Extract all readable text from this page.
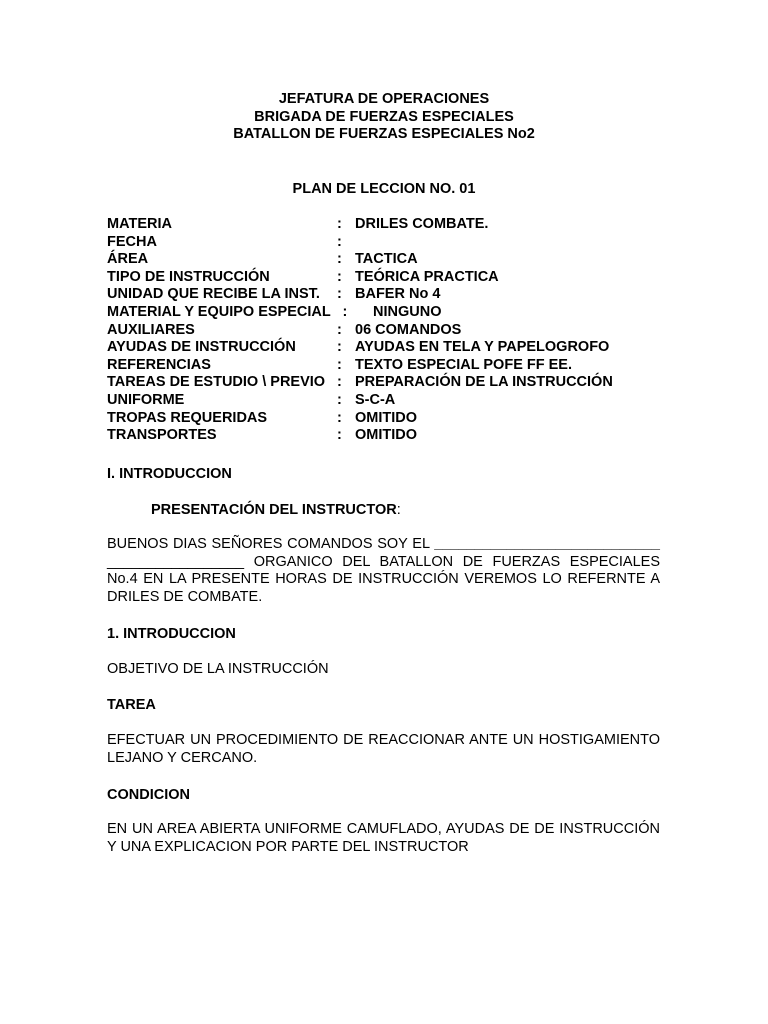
JEFATURA DE OPERACIONES
BRIGADA DE FUERZAS ESPECIALES
BATALLON DE FUERZAS ESPECIALES No2
PLAN DE LECCION NO. 01
MATERIA	: DRILES COMBATE.
FECHA	:
ÁREA	: TACTICA
TIPO DE INSTRUCCIÓN	: TEÓRICA PRACTICA
UNIDAD QUE RECIBE LA INST. : BAFER No 4
MATERIAL Y EQUIPO ESPECIAL   : NINGUNO
AUXILIARES	: 06 COMANDOS
AYUDAS DE INSTRUCCIÓN	: AYUDAS EN TELA Y PAPELOGROFO
REFERENCIAS	: TEXTO ESPECIAL POFE FF EE.
TAREAS DE ESTUDIO \ PREVIO : PREPARACIÓN DE LA INSTRUCCIÓN
UNIFORME	: S-C-A
TROPAS REQUERIDAS	: OMITIDO
TRANSPORTES	: OMITIDO
I. INTRODUCCION
PRESENTACIÓN DEL INSTRUCTOR:
BUENOS DIAS SEÑORES COMANDOS SOY EL ____________________________ _________________ ORGANICO DEL BATALLON DE FUERZAS ESPECIALES No.4 EN LA PRESENTE HORAS DE INSTRUCCIÓN VEREMOS LO REFERNTE A DRILES DE COMBATE.
1. INTRODUCCION
OBJETIVO DE LA INSTRUCCIÓN
TAREA
EFECTUAR UN PROCEDIMIENTO DE REACCIONAR ANTE UN HOSTIGAMIENTO LEJANO Y CERCANO.
CONDICION
EN UN AREA ABIERTA UNIFORME CAMUFLADO, AYUDAS DE DE INSTRUCCIÓN Y UNA EXPLICACION POR PARTE DEL INSTRUCTOR
